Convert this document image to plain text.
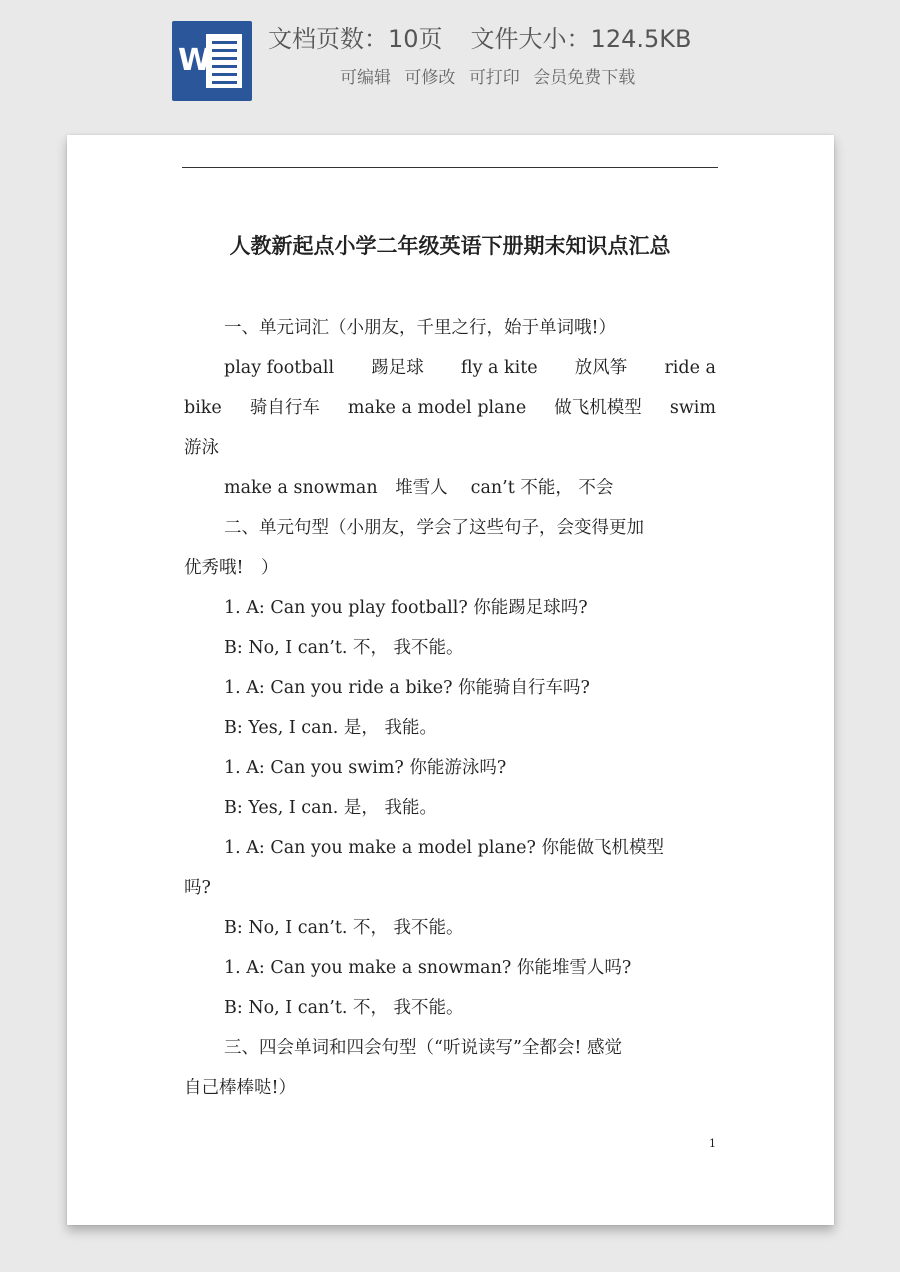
W
文档页数：10页 文件大小：124.5KB
可编辑 可修改 可打印 会员免费下载
人教新起点小学二年级英语下册期末知识点汇总
一、单元词汇（小朋友，千里之行，始于单词哦!）
play football 踢足球 fly a kite 放风筝 ride a
bike 骑自行车 make a model plane 做飞机模型 swim
游泳
make a snowman　堆雪人　 can’t 不能， 不会
二、单元句型（小朋友，学会了这些句子，会变得更加
优秀哦!　）
1. A: Can you play football? 你能踢足球吗?
B: No, I can’t. 不， 我不能。
1. A: Can you ride a bike? 你能骑自行车吗?
B: Yes, I can. 是， 我能。
1. A: Can you swim? 你能游泳吗?
B: Yes, I can. 是， 我能。
1. A: Can you make a model plane? 你能做飞机模型
吗?
B: No, I can’t. 不， 我不能。
1. A: Can you make a snowman? 你能堆雪人吗?
B: No, I can’t. 不， 我不能。
三、四会单词和四会句型（“听说读写”全都会! 感觉
自己棒棒哒!）
1
